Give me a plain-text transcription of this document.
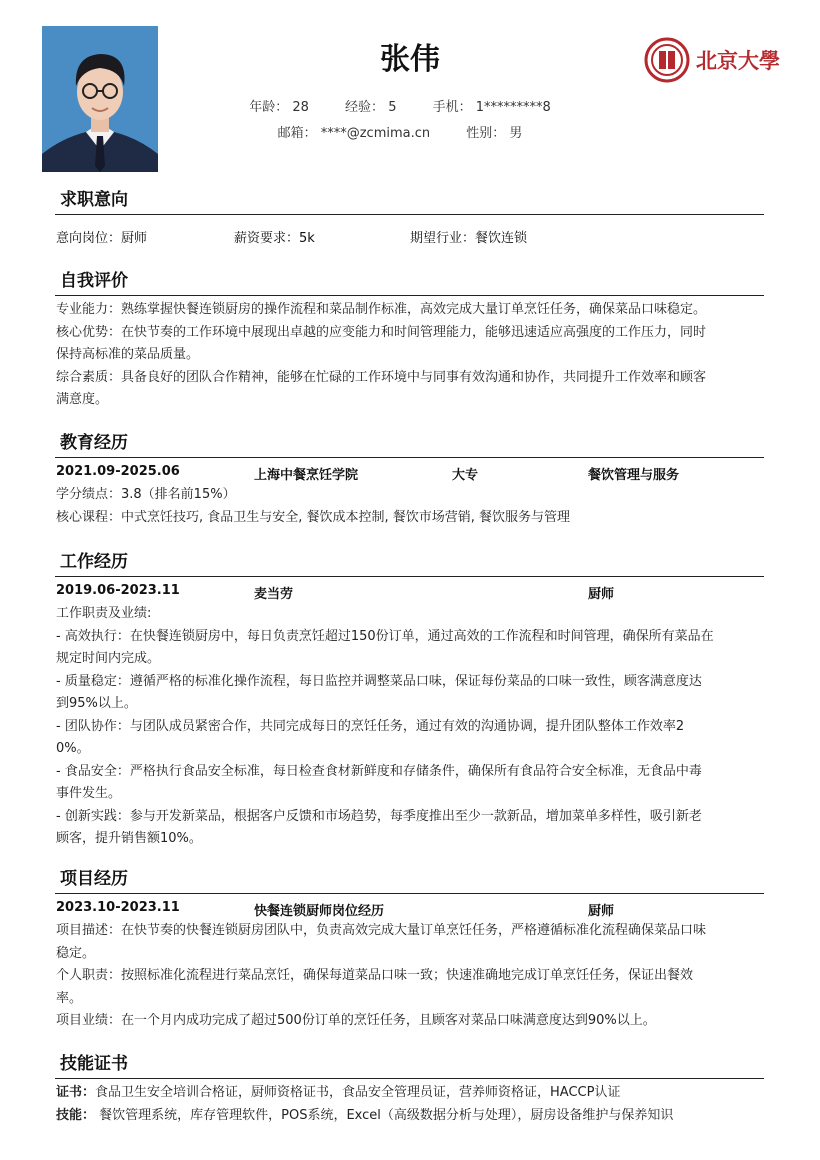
张伟
年龄： 28	经验： 5	手机： 1*********8
邮箱： ****@zcmima.cn	性别： 男
北京大學
求职意向
意向岗位：厨师	薪资要求：5k	期望行业：餐饮连锁
自我评价
专业能力：熟练掌握快餐连锁厨房的操作流程和菜品制作标准，高效完成大量订单烹饪任务，确保菜品口味稳定。
核心优势：在快节奏的工作环境中展现出卓越的应变能力和时间管理能力，能够迅速适应高强度的工作压力，同时
保持高标准的菜品质量。
综合素质：具备良好的团队合作精神，能够在忙碌的工作环境中与同事有效沟通和协作，共同提升工作效率和顾客
满意度。
教育经历
2021.09-2025.06	上海中餐烹饪学院	大专	餐饮管理与服务
学分绩点：3.8（排名前15%）
核心课程：中式烹饪技巧, 食品卫生与安全, 餐饮成本控制, 餐饮市场营销, 餐饮服务与管理
工作经历
2019.06-2023.11	麦当劳	厨师
工作职责及业绩:
- 高效执行：在快餐连锁厨房中，每日负责烹饪超过150份订单，通过高效的工作流程和时间管理，确保所有菜品在
规定时间内完成。
- 质量稳定：遵循严格的标准化操作流程，每日监控并调整菜品口味，保证每份菜品的口味一致性，顾客满意度达
到95%以上。
- 团队协作：与团队成员紧密合作，共同完成每日的烹饪任务，通过有效的沟通协调，提升团队整体工作效率2
0%。
- 食品安全：严格执行食品安全标准，每日检查食材新鲜度和存储条件，确保所有食品符合安全标准，无食品中毒
事件发生。
- 创新实践：参与开发新菜品，根据客户反馈和市场趋势，每季度推出至少一款新品，增加菜单多样性，吸引新老
顾客，提升销售额10%。
项目经历
2023.10-2023.11	快餐连锁厨师岗位经历	厨师
项目描述：在快节奏的快餐连锁厨房团队中，负责高效完成大量订单烹饪任务，严格遵循标准化流程确保菜品口味
稳定。
个人职责：按照标准化流程进行菜品烹饪，确保每道菜品口味一致；快速准确地完成订单烹饪任务，保证出餐效
率。
项目业绩：在一个月内成功完成了超过500份订单的烹饪任务，且顾客对菜品口味满意度达到90%以上。
技能证书
证书：食品卫生安全培训合格证，厨师资格证书，食品安全管理员证，营养师资格证，HACCP认证
技能： 餐饮管理系统，库存管理软件，POS系统，Excel（高级数据分析与处理），厨房设备维护与保养知识
